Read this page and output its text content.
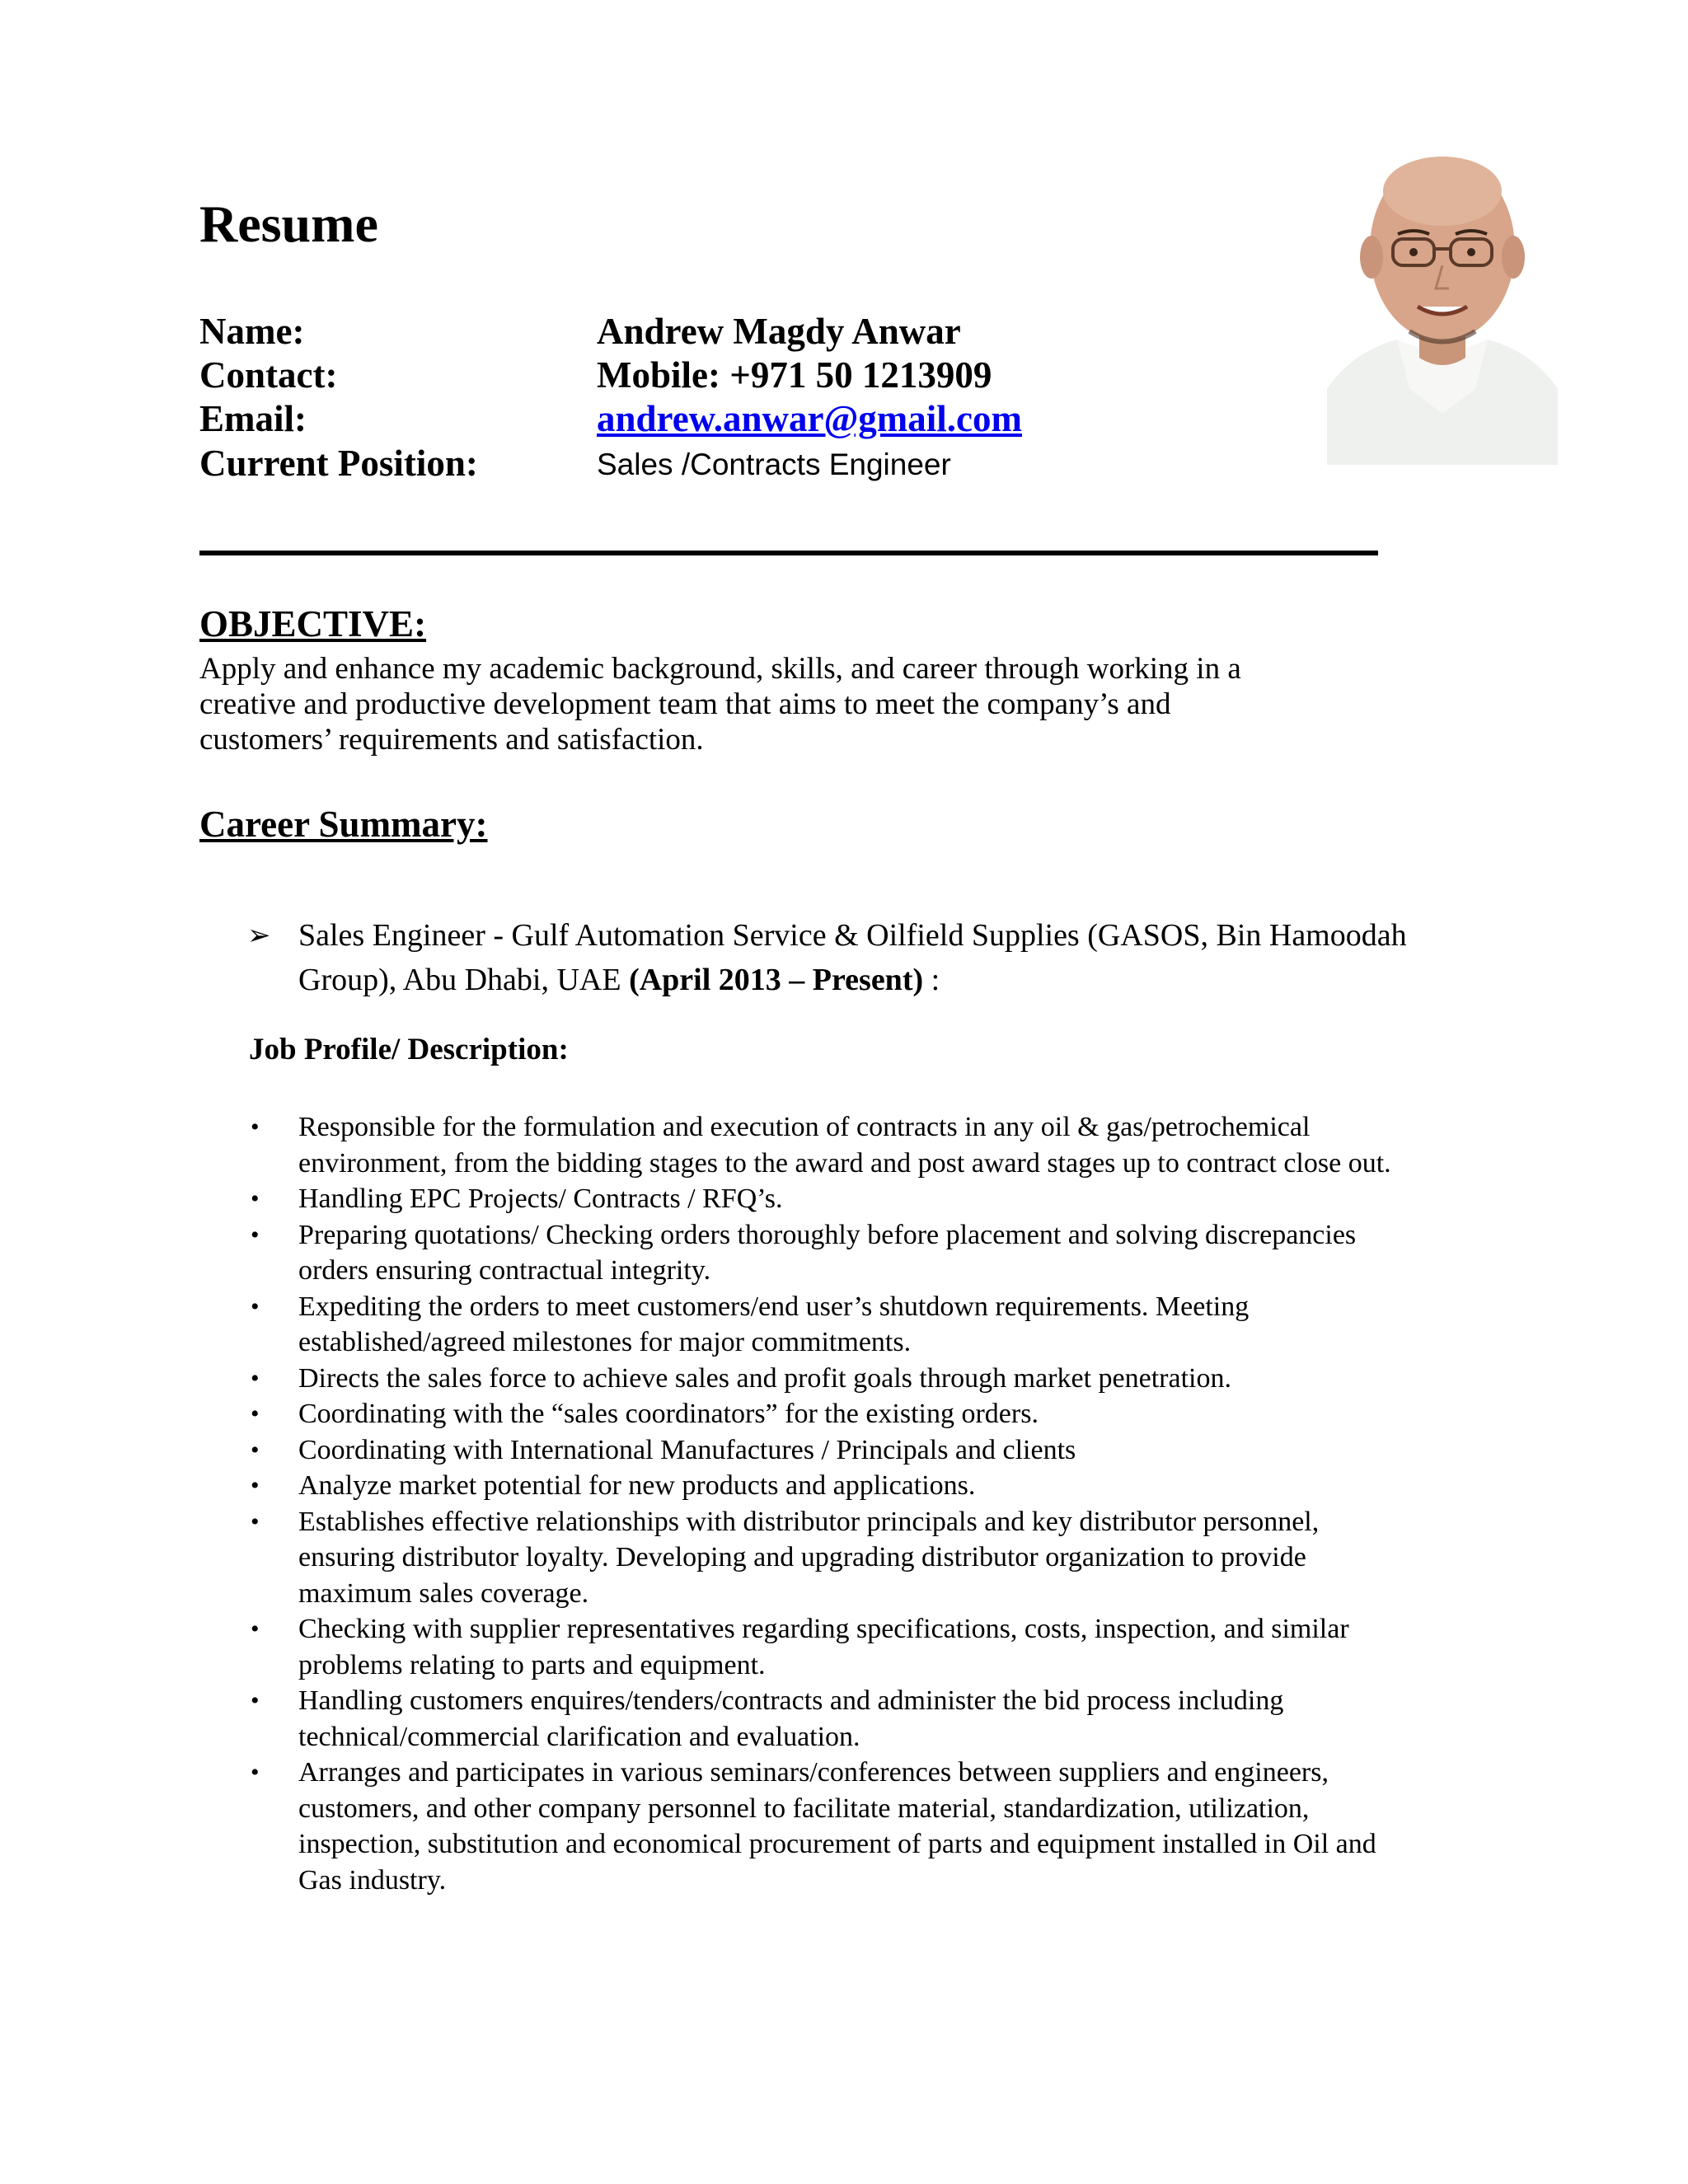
Resume
Name:	Andrew Magdy Anwar
Contact:	Mobile: +971 50 1213909
Email:	andrew.anwar@gmail.com
Current Position:	Sales /Contracts Engineer
OBJECTIVE:

Apply and enhance my academic background, skills, and career through working in a
creative and productive development team that aims to meet the company’s and
customers’ requirements and satisfaction.

Career Summary:
➢ Sales Engineer - Gulf Automation Service & Oilfield Supplies (GASOS, Bin Hamoodah
Group), Abu Dhabi, UAE (April 2013 – Present) :
Job Profile/ Description:
• Responsible for the formulation and execution of contracts in any oil & gas/petrochemical
environment, from the bidding stages to the award and post award stages up to contract close out.
• Handling EPC Projects/ Contracts / RFQ’s.
• Preparing quotations/ Checking orders thoroughly before placement and solving discrepancies
orders ensuring contractual integrity.
• Expediting the orders to meet customers/end user’s shutdown requirements. Meeting
established/agreed milestones for major commitments.
• Directs the sales force to achieve sales and profit goals through market penetration.
• Coordinating with the “sales coordinators” for the existing orders.
• Coordinating with International Manufactures / Principals and clients
• Analyze market potential for new products and applications.
• Establishes effective relationships with distributor principals and key distributor personnel,
ensuring distributor loyalty. Developing and upgrading distributor organization to provide
maximum sales coverage.
• Checking with supplier representatives regarding specifications, costs, inspection, and similar
problems relating to parts and equipment.
• Handling customers enquires/tenders/contracts and administer the bid process including
technical/commercial clarification and evaluation.
• Arranges and participates in various seminars/conferences between suppliers and engineers,
customers, and other company personnel to facilitate material, standardization, utilization,
inspection, substitution and economical procurement of parts and equipment installed in Oil and
Gas industry.
